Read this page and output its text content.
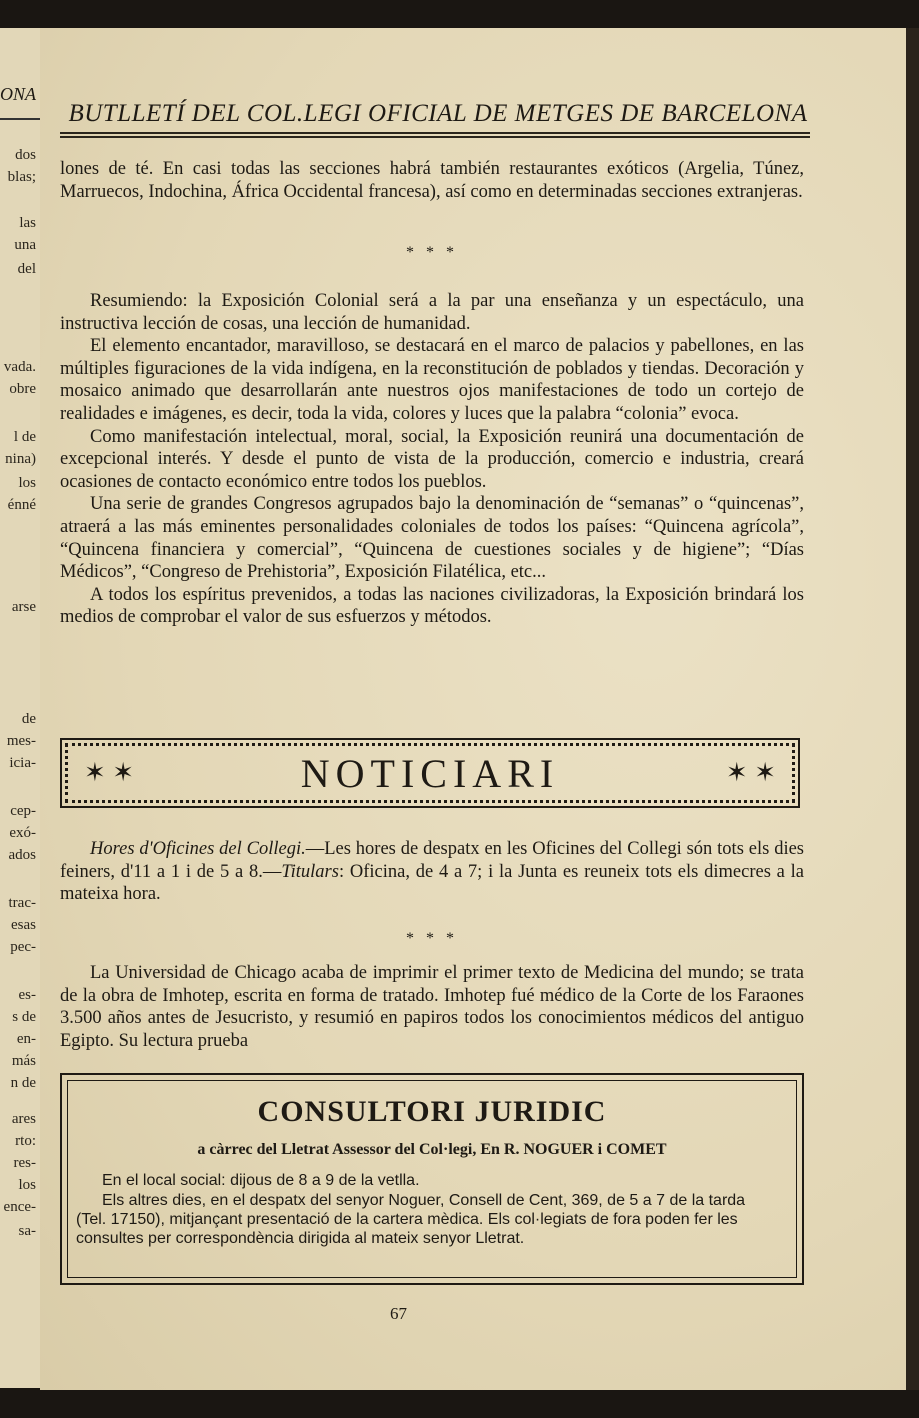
ONA
dos
blas;
las
una
del
vada.
obre
l de
nina)
los
énné
arse
de
mes-
icia-
cep-
exó-
ados
trac-
esas
pec-
es-
s de
en-
más
n de
ares
rto:
res-
los
ence-
sa-
BUTLLETÍ DEL COL.LEGI OFICIAL DE METGES DE BARCELONA

lones de té. En casi todas las secciones habrá también restaurantes exóticos (Argelia, Túnez, Marruecos, Indochina, África Occidental francesa), así como en determinadas secciones extranjeras.

* * *

Resumiendo: la Exposición Colonial será a la par una enseñanza y un espectáculo, una instructiva lección de cosas, una lección de humanidad.

El elemento encantador, maravilloso, se destacará en el marco de palacios y pabellones, en las múltiples figuraciones de la vida indígena, en la reconstitución de poblados y tiendas. Decoración y mosaico animado que desarrollarán ante nuestros ojos manifestaciones de todo un cortejo de realidades e imágenes, es decir, toda la vida, colores y luces que la palabra “colonia” evoca.

Como manifestación intelectual, moral, social, la Exposición reunirá una documentación de excepcional interés. Y desde el punto de vista de la producción, comercio e industria, creará ocasiones de contacto económico entre todos los pueblos.

Una serie de grandes Congresos agrupados bajo la denominación de “semanas” o “quincenas”, atraerá a las más eminentes personalidades coloniales de todos los países: “Quincena agrícola”, “Quincena financiera y comercial”, “Quincena de cuestiones sociales y de higiene”; “Días Médicos”, “Congreso de Prehistoria”, Exposición Filatélica, etc...

A todos los espíritus prevenidos, a todas las naciones civilizadoras, la Exposición brindará los medios de comprobar el valor de sus esfuerzos y métodos.

✶ ✶	NOTICIARI	✶ ✶

Hores d'Oficines del Collegi.—Les hores de despatx en les Oficines del Collegi són tots els dies feiners, d'11 a 1 i de 5 a 8.—Titulars: Oficina, de 4 a 7; i la Junta es reuneix tots els dimecres a la mateixa hora.

* * *

La Universidad de Chicago acaba de imprimir el primer texto de Medicina del mundo; se trata de la obra de Imhotep, escrita en forma de tratado. Imhotep fué médico de la Corte de los Faraones 3.500 años antes de Jesucristo, y resumió en papiros todos los conocimientos médicos del antiguo Egipto. Su lectura prueba

CONSULTORI JURIDIC
a càrrec del Lletrat Assessor del Col·legi, En R. NOGUER i COMET
En el local social: dijous de 8 a 9 de la vetlla.
Els altres dies, en el despatx del senyor Noguer, Consell de Cent, 369, de 5 a 7 de la tarda (Tel. 17150), mitjançant presentació de la cartera mèdica. Els col·legiats de fora poden fer les consultes per correspondència dirigida al mateix senyor Lletrat.
67
